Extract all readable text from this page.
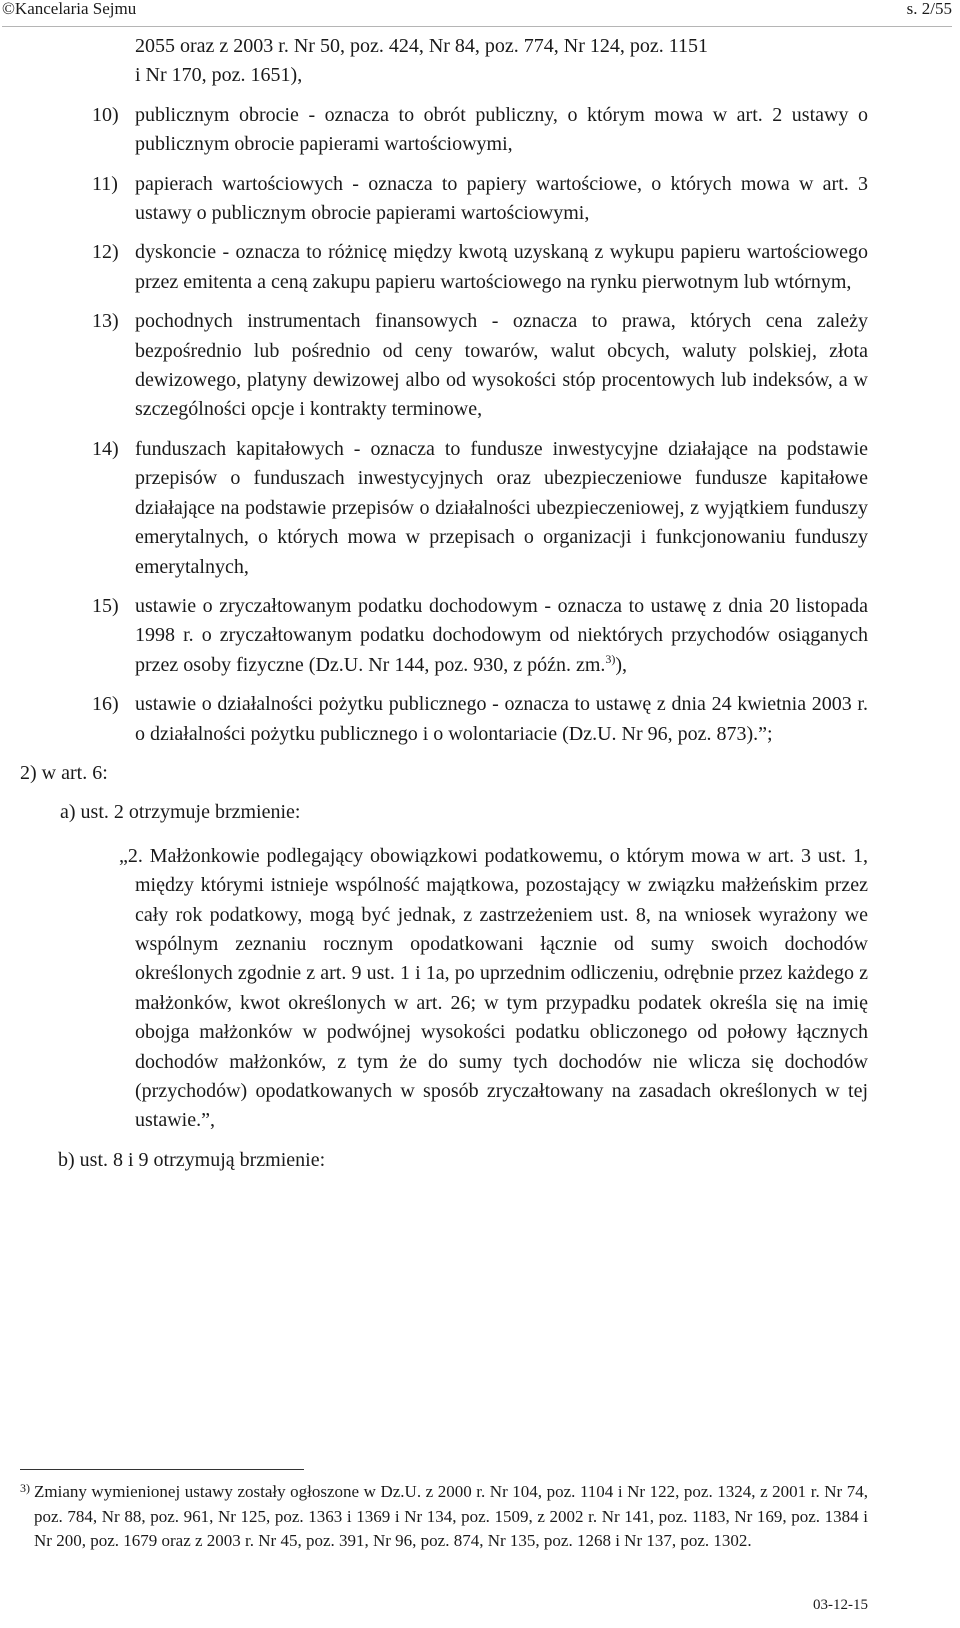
©Kancelaria Sejmu	s. 2/55
2055 oraz z 2003 r. Nr 50, poz. 424, Nr 84, poz. 774, Nr 124, poz. 1151
i Nr 170, poz. 1651),
10) publicznym obrocie - oznacza to obrót publiczny, o którym mowa w art. 2 ustawy o publicznym obrocie papierami wartościowymi,
11) papierach wartościowych - oznacza to papiery wartościowe, o których mowa w art. 3 ustawy o publicznym obrocie papierami wartościowymi,
12) dyskoncie - oznacza to różnicę między kwotą uzyskaną z wykupu papieru wartościowego przez emitenta a ceną zakupu papieru wartościowego na rynku pierwotnym lub wtórnym,
13) pochodnych instrumentach finansowych - oznacza to prawa, których cena zależy bezpośrednio lub pośrednio od ceny towarów, walut obcych, waluty polskiej, złota dewizowego, platyny dewizowej albo od wysokości stóp procentowych lub indeksów, a w szczególności opcje i kontrakty terminowe,
14) funduszach kapitałowych - oznacza to fundusze inwestycyjne działające na podstawie przepisów o funduszach inwestycyjnych oraz ubezpieczeniowe fundusze kapitałowe działające na podstawie przepisów o działalności ubezpieczeniowej, z wyjątkiem funduszy emerytalnych, o których mowa w przepisach o organizacji i funkcjonowaniu funduszy emerytalnych,
15) ustawie o zryczałtowanym podatku dochodowym - oznacza to ustawę z dnia 20 listopada 1998 r. o zryczałtowanym podatku dochodowym od niektórych przychodów osiąganych przez osoby fizyczne (Dz.U. Nr 144, poz. 930, z późn. zm.$^{3)}$),
16) ustawie o działalności pożytku publicznego - oznacza to ustawę z dnia 24 kwietnia 2003 r. o działalności pożytku publicznego i o wolontariacie (Dz.U. Nr 96, poz. 873).”;
2) w art. 6:
a) ust. 2 otrzymuje brzmienie:
„2. Małżonkowie podlegający obowiązkowi podatkowemu, o którym mowa w art. 3 ust. 1, między którymi istnieje wspólność majątkowa, pozostający w związku małżeńskim przez cały rok podatkowy, mogą być jednak, z zastrzeżeniem ust. 8, na wniosek wyrażony we wspólnym zeznaniu rocznym opodatkowani łącznie od sumy swoich dochodów określonych zgodnie z art. 9 ust. 1 i 1a, po uprzednim odliczeniu, odrębnie przez każdego z małżonków, kwot określonych w art. 26; w tym przypadku podatek określa się na imię obojga małżonków w podwójnej wysokości podatku obliczonego od połowy łącznych dochodów małżonków, z tym że do sumy tych dochodów nie wlicza się dochodów (przychodów) opodatkowanych w sposób zryczałtowany na zasadach określonych w tej ustawie.”,
b) ust. 8 i 9 otrzymują brzmienie:
3) Zmiany wymienionej ustawy zostały ogłoszone w Dz.U. z 2000 r. Nr 104, poz. 1104 i Nr 122, poz. 1324, z 2001 r. Nr 74, poz. 784, Nr 88, poz. 961, Nr 125, poz. 1363 i 1369 i Nr 134, poz. 1509, z 2002 r. Nr 141, poz. 1183, Nr 169, poz. 1384 i Nr 200, poz. 1679 oraz z 2003 r. Nr 45, poz. 391, Nr 96, poz. 874, Nr 135, poz. 1268 i Nr 137, poz. 1302.
03-12-15
